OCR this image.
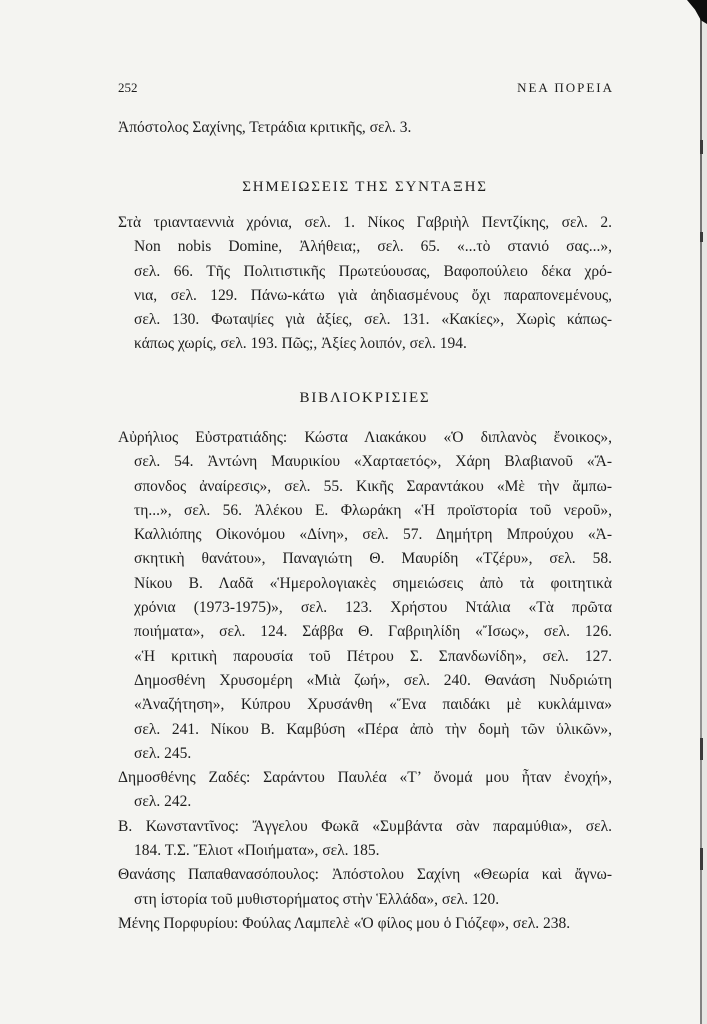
252	ΝΕΑ ΠΟΡΕΙΑ
Ἀπόστολος Σαχίνης, Τετράδια κριτικῆς, σελ. 3.
ΣΗΜΕΙΩΣΕΙΣ ΤΗΣ ΣΥΝΤΑΞΗΣ
Στὰ τριανταεννιὰ χρόνια, σελ. 1. Νίκος Γαβριὴλ Πεντζίκης, σελ. 2.
Non nobis Domine, Ἀλήθεια;, σελ. 65. «...τὸ στανιό σας...»,
σελ. 66. Τῆς Πολιτιστικῆς Πρωτεύουσας, Βαφοπούλειο δέκα χρό-
νια, σελ. 129. Πάνω-κάτω γιὰ ἀηδιασμένους ὄχι παραπονεμένους,
σελ. 130. Φωταψίες γιὰ ἀξίες, σελ. 131. «Κακίες», Χωρὶς κάπως-
κάπως χωρίς, σελ. 193. Πῶς;, Ἀξίες λοιπόν, σελ. 194.
ΒΙΒΛΙΟΚΡΙΣΙΕΣ
Αὐρήλιος Εὐστρατιάδης: Κώστα Λιακάκου «Ὁ διπλανὸς ἔνοικος»,
σελ. 54. Ἀντώνη Μαυρικίου «Χαρταετός», Χάρη Βλαβιανοῦ «Ἄ-
σπονδος ἀναίρεσις», σελ. 55. Κικῆς Σαραντάκου «Μὲ τὴν ἄμπω-
τη...», σελ. 56. Ἀλέκου Ε. Φλωράκη «Ἡ προϊστορία τοῦ νεροῦ»,
Καλλιόπης Οἰκονόμου «Δίνη», σελ. 57. Δημήτρη Μπρούχου «Ἀ-
σκητικὴ θανάτου», Παναγιώτη Θ. Μαυρίδη «Τζέρυ», σελ. 58.
Νίκου Β. Λαδᾶ «Ἡμερολογιακὲς σημειώσεις ἀπὸ τὰ φοιτητικὰ
χρόνια (1973-1975)», σελ. 123. Χρήστου Ντάλια «Τὰ πρῶτα
ποιήματα», σελ. 124. Σάββα Θ. Γαβριηλίδη «Ἴσως», σελ. 126.
«Ἡ κριτικὴ παρουσία τοῦ Πέτρου Σ. Σπανδωνίδη», σελ. 127.
Δημοσθένη Χρυσομέρη «Μιὰ ζωή», σελ. 240. Θανάση Νυδριώτη
«Ἀναζήτηση», Κύπρου Χρυσάνθη «Ἕνα παιδάκι μὲ κυκλάμινα»
σελ. 241. Νίκου Β. Καμβύση «Πέρα ἀπὸ τὴν δομὴ τῶν ὑλικῶν»,
σελ. 245.
Δημοσθένης Ζαδές: Σαράντου Παυλέα «Τ’ ὄνομά μου ἦταν ἐνοχή»,
σελ. 242.
Β. Κωνσταντῖνος: Ἄγγελου Φωκᾶ «Συμβάντα σὰν παραμύθια», σελ.
184. Τ.Σ. Ἔλιοτ «Ποιήματα», σελ. 185.
Θανάσης Παπαθανασόπουλος: Ἀπόστολου Σαχίνη «Θεωρία καὶ ἄγνω-
στη ἱστορία τοῦ μυθιστορήματος στὴν Ἑλλάδα», σελ. 120.
Μένης Πορφυρίου: Φούλας Λαμπελὲ «Ὁ φίλος μου ὁ Γιόζεφ», σελ. 238.
